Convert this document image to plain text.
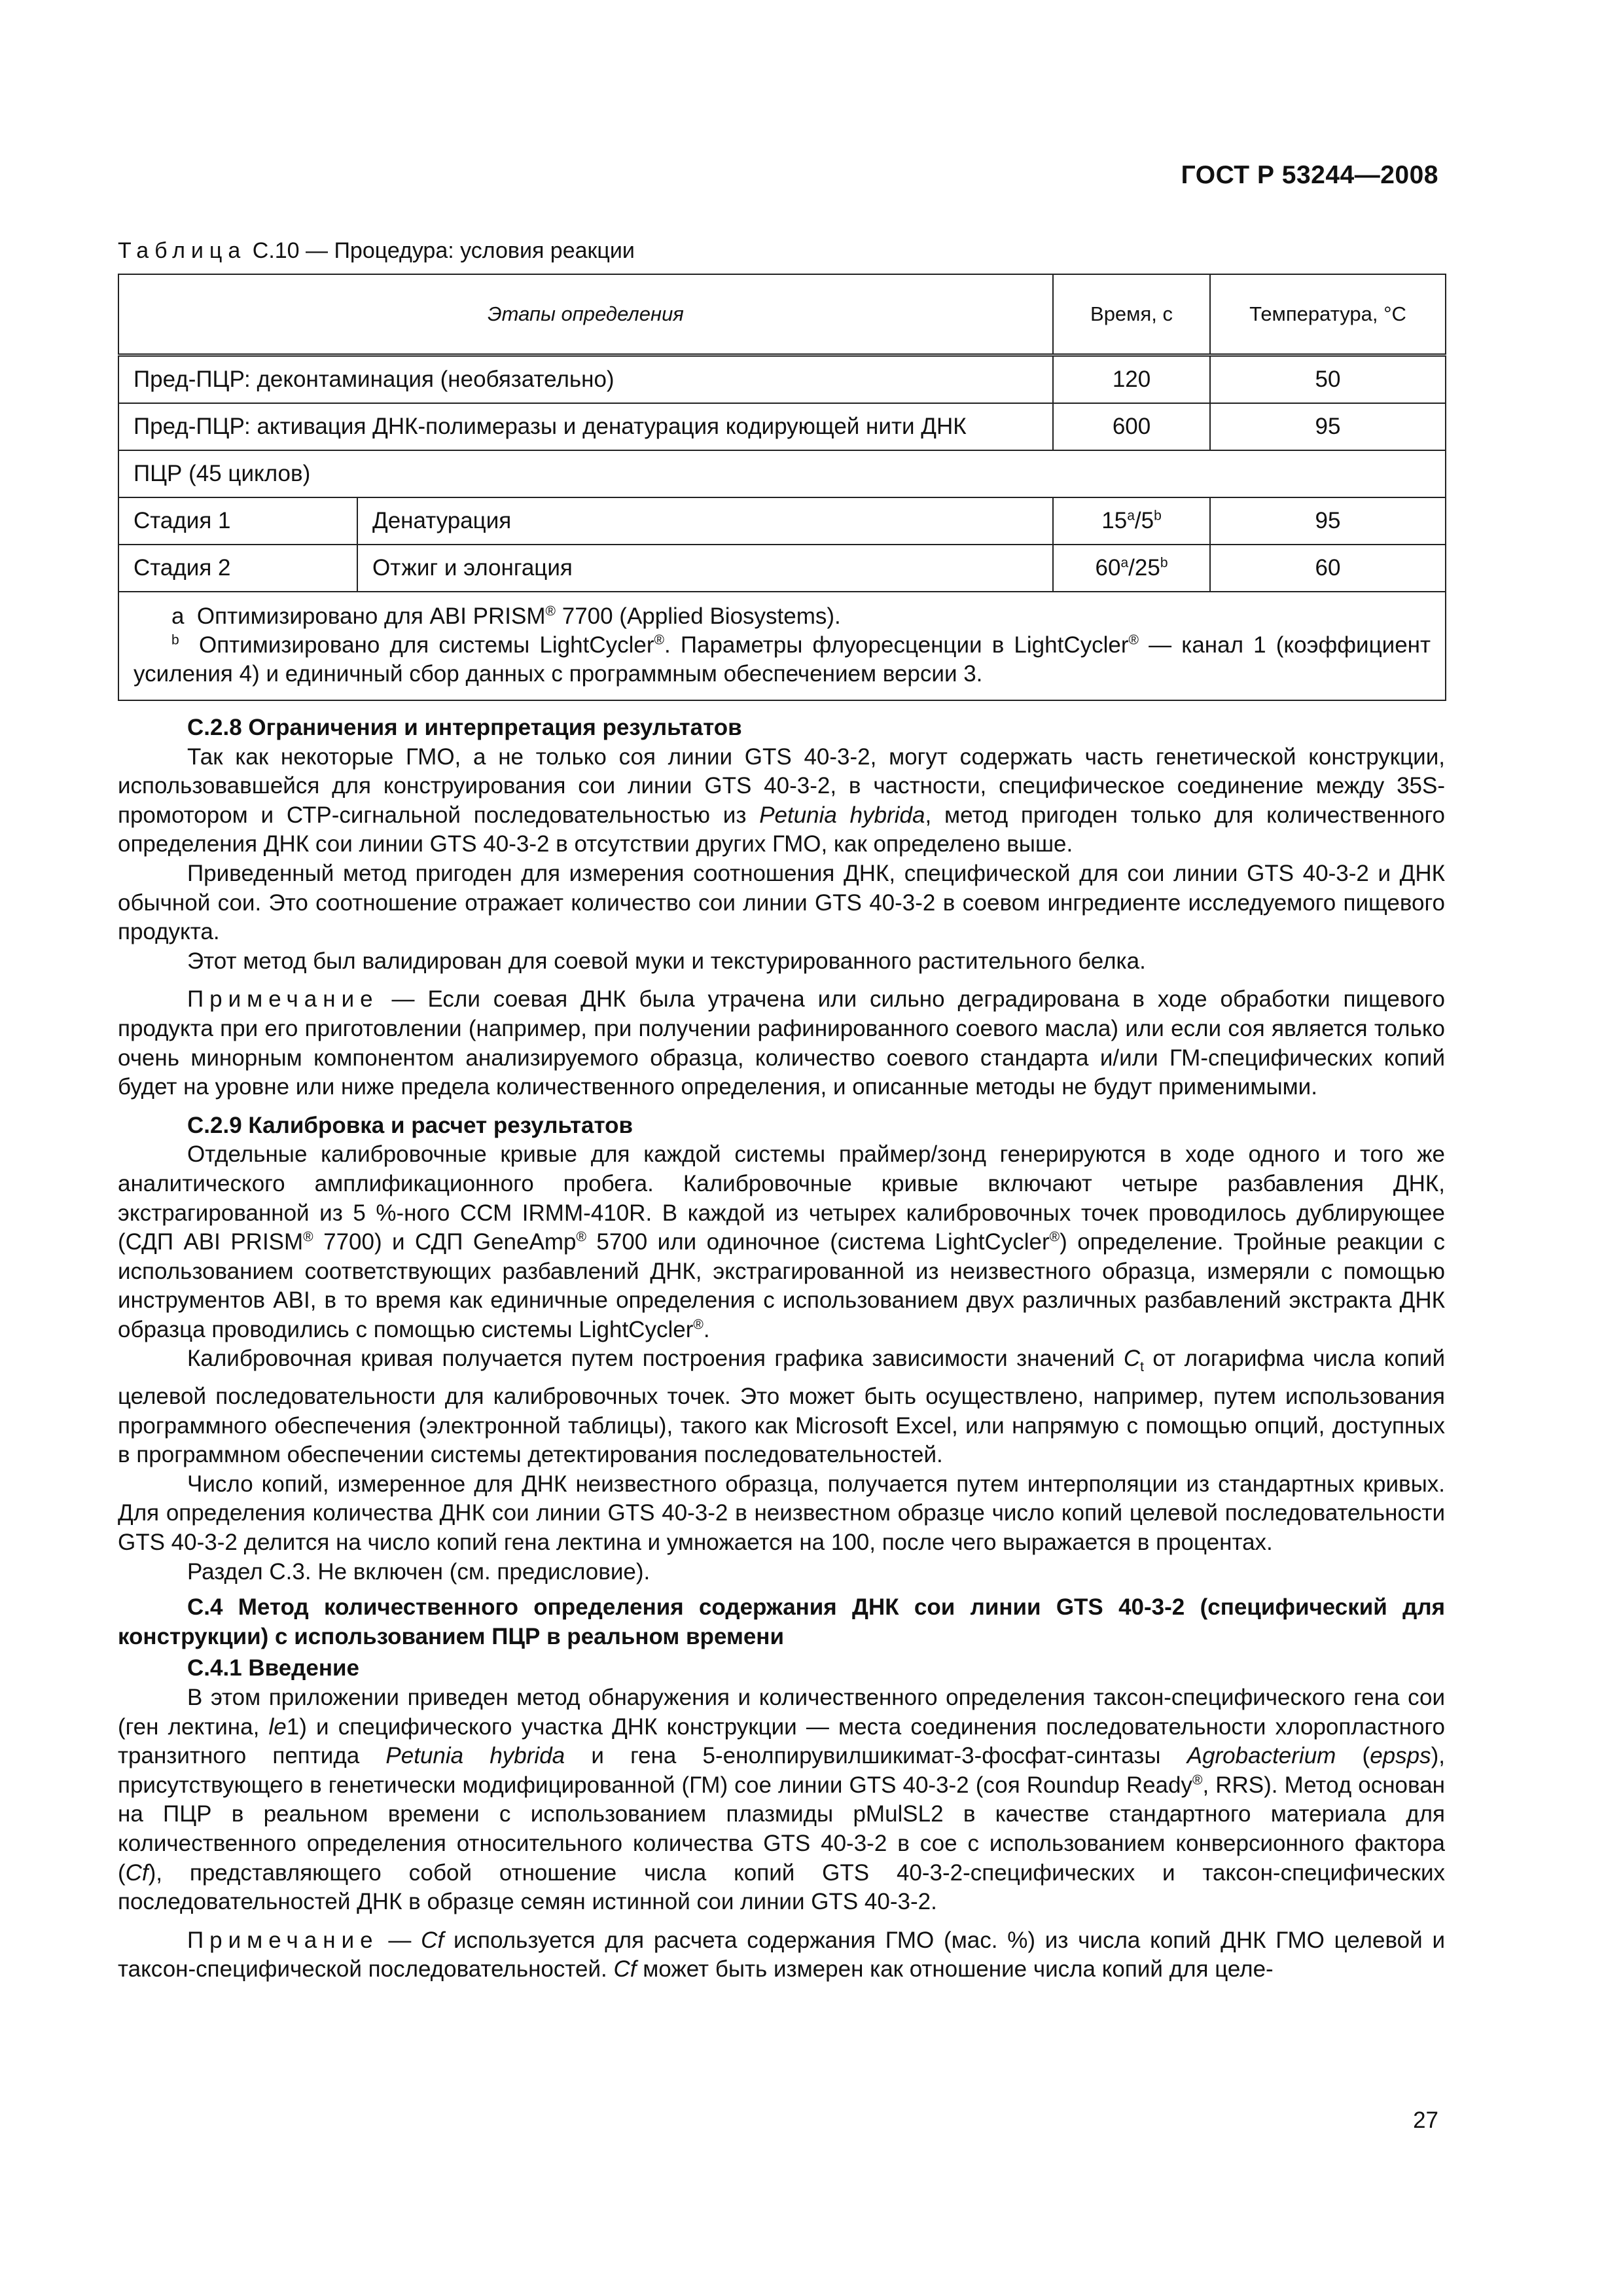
ГОСТ Р 53244—2008
Таблица С.10 — Процедура: условия реакции
Этапы определения		Время, с	Температура, °С
Пред-ПЦР: деконтаминация (необязательно)		120	50
Пред-ПЦР: активация ДНК-полимеразы и денатурация кодирующей нити ДНК		600	95
ПЦР (45 циклов)			
Стадия 1	Денатурация	15$^a$/5$^b$	95
Стадия 2	Отжиг и элонгация	60$^a$/25$^b$	60

a Оптимизировано для ABI PRISM® 7700 (Applied Biosystems).
$^b$ Оптимизировано для системы LightCycler®. Параметры флуоресценции в LightCycler® — канал 1 (коэффициент усиления 4) и единичный сбор данных с программным обеспечением версии 3.			
С.2.8 Ограничения и интерпретация результатов

Так как некоторые ГМО, а не только соя линии GTS 40-3-2, могут содержать часть генетической конструкции, использовавшейся для конструирования сои линии GTS 40-3-2, в частности, специфическое соединение между 35S-промотором и СТР-сигнальной последовательностью из Petunia hybrida, метод пригоден только для количественного определения ДНК сои линии GTS 40-3-2 в отсутствии других ГМО, как определено выше.

Приведенный метод пригоден для измерения соотношения ДНК, специфической для сои линии GTS 40-3-2 и ДНК обычной сои. Это соотношение отражает количество сои линии GTS 40-3-2 в соевом ингредиенте исследуемого пищевого продукта.

Этот метод был валидирован для соевой муки и текстурированного растительного белка.

Примечание — Если соевая ДНК была утрачена или сильно деградирована в ходе обработки пищевого продукта при его приготовлении (например, при получении рафинированного соевого масла) или если соя является только очень минорным компонентом анализируемого образца, количество соевого стандарта и/или ГМ-специфических копий будет на уровне или ниже предела количественного определения, и описанные методы не будут применимыми.

С.2.9 Калибровка и расчет результатов

Отдельные калибровочные кривые для каждой системы праймер/зонд генерируются в ходе одного и того же аналитического амплификационного пробега. Калибровочные кривые включают четыре разбавления ДНК, экстрагированной из 5 %-ного ССМ IRMM-410R. В каждой из четырех калибровочных точек проводилось дублирующее (СДП ABI PRISM® 7700) и СДП GeneAmp® 5700 или одиночное (система LightCycler®) определение. Тройные реакции с использованием соответствующих разбавлений ДНК, экстрагированной из неизвестного образца, измеряли с помощью инструментов ABI, в то время как единичные определения с использованием двух различных разбавлений экстракта ДНК образца проводились с помощью системы LightCycler®.

Калибровочная кривая получается путем построения графика зависимости значений $C_t$ от логарифма числа копий целевой последовательности для калибровочных точек. Это может быть осуществлено, например, путем использования программного обеспечения (электронной таблицы), такого как Microsoft Excel, или напрямую с помощью опций, доступных в программном обеспечении системы детектирования последовательностей.

Число копий, измеренное для ДНК неизвестного образца, получается путем интерполяции из стандартных кривых. Для определения количества ДНК сои линии GTS 40-3-2 в неизвестном образце число копий целевой последовательности GTS 40-3-2 делится на число копий гена лектина и умножается на 100, после чего выражается в процентах.

Раздел С.3. Не включен (см. предисловие).

С.4 Метод количественного определения содержания ДНК сои линии GTS 40-3-2 (специфический для конструкции) с использованием ПЦР в реальном времени
С.4.1 Введение

В этом приложении приведен метод обнаружения и количественного определения таксон-специфического гена сои (ген лектина, le1) и специфического участка ДНК конструкции — места соединения последовательности хлоропластного транзитного пептида Petunia hybrida и гена 5-енолпирувилшикимат-3-фосфат-синтазы Agrobacterium (epsps), присутствующего в генетически модифицированной (ГМ) сое линии GTS 40-3-2 (соя Roundup Ready®, RRS). Метод основан на ПЦР в реальном времени с использованием плазмиды pMulSL2 в качестве стандартного материала для количественного определения относительного количества GTS 40-3-2 в сое с использованием конверсионного фактора (Cf), представляющего собой отношение числа копий GTS 40-3-2-специфических и таксон-специфических последовательностей ДНК в образце семян истинной сои линии GTS 40-3-2.

Примечание — Cf используется для расчета содержания ГМО (мас. %) из числа копий ДНК ГМО целевой и таксон-специфической последовательностей. Cf может быть измерен как отношение числа копий для целе-

27
